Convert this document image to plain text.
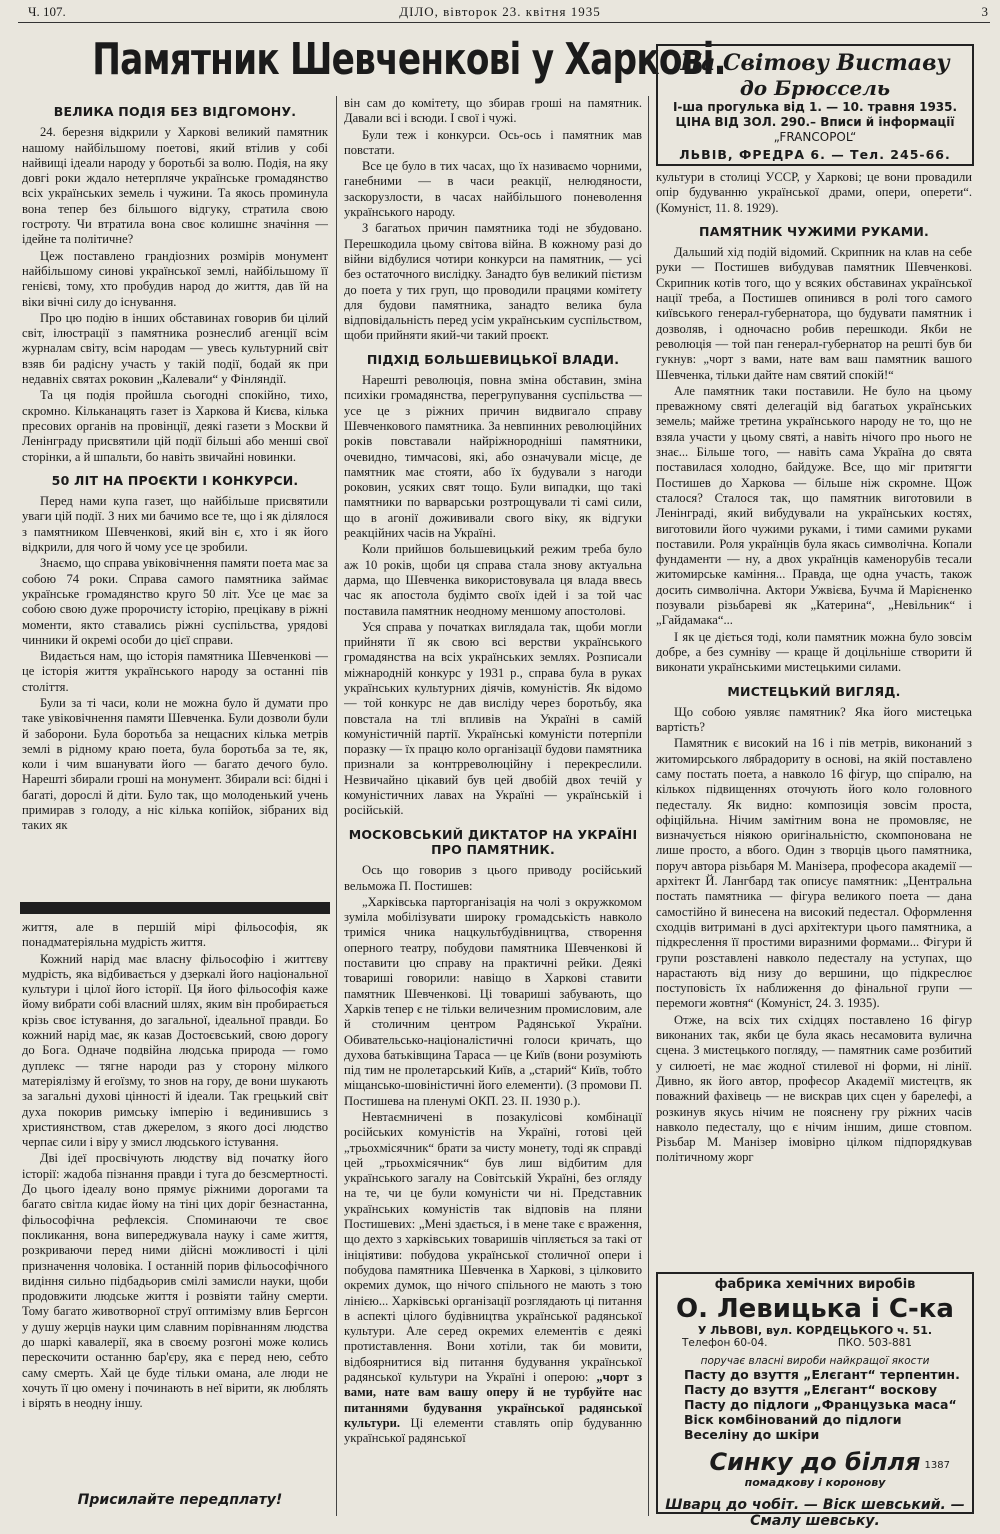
Ч. 107.	ДІЛО, вівторок 23. квітня 1935	3
Памятник Шевченкові у Харкові.
ВЕЛИКА ПОДІЯ БЕЗ ВІДГОМОНУ.

24. березня відкрили у Харкові великий памятник нашому найбільшому поетові, який втілив у собі найвищі ідеали народу у боротьбі за волю. Подія, на яку довгі роки ждало нетерпляче українське громадянство всіх українських земель і чужини. Та якось проминула вона тепер без більшого відгуку, стратила свою гостроту. Чи втратила вона своє колишнє значіння — ідейне та політичне?

Цеж поставлено грандіозних розмірів монумент найбільшому синові української землі, найбільшому її генієві, тому, хто пробудив народ до життя, дав їй на віки вічні силу до існування.

Про цю подію в інших обставинах говорив би цілий світ, ілюстрації з памятника рознеслиб агенції всім журналам світу, всім народам — увесь культурний світ взяв би радісну участь у такій події, бодай як при недавніх святах роковин „Калевали“ у Фінляндії.

Та ця подія пройшла сьогодні спокійно, тихо, скромно. Кільканацять газет із Харкова й Києва, кілька пресових органів на провінції, деякі газети з Москви й Ленінграду присвятили цій події більші або менші свої сторінки, а й шпальти, бо навіть звичайні новинки.

50 ЛІТ НА ПРОЄКТИ І КОНКУРСИ.

Перед нами купа газет, що найбільше присвятили уваги цій події. З них ми бачимо все те, що і як ділялося з памятником Шевченкові, який він є, хто і як його відкрили, для чого й чому усе це зробили.

Знаємо, що справа увіковічнення памяти поета має за собою 74 роки. Справа самого памятника займає українське громадянство круго 50 літ. Усе це має за собою свою дуже пророчисту історію, прецікаву в ріжні моменти, якто ставались ріжні суспільства, урядові чинники й окремі особи до цієї справи.

Видається нам, що історія памятника Шевченкові — це історія життя українського народу за останні пів століття.

Були за ті часи, коли не можна було й думати про таке увіковічнення памяти Шевченка. Були дозволи були й заборони. Була боротьба за нещасних кілька метрів землі в рідному краю поета, була боротьба за те, як, коли і чим вшанувати його — багато дечого було. Нарешті збирали гроші на монумент. Збирали всі: бідні і багаті, дорослі й діти. Було так, що молоденький учень примирав з голоду, а ніс кілька копійок, зібраних від таких як

життя, але в першій мірі фільософія, як понадматеріяльна мудрість життя.

Кожний нарід має власну фільософію і життєву мудрість, яка відбивається у дзеркалі його національної культури і цілої його історії. Ця його фільософія каже йому вибрати собі власний шлях, яким він пробирається крізь своє істування, до загальної, ідеальної правди. Бо кожний нарід має, як казав Достоєвський, свою дорогу до Бога. Одначе подвійна людська природа — гомо дуплекс — тягне народи раз у сторону мілкого матеріялізму й егоїзму, то знов на гору, де вони шукають за загальні духові цінності й ідеали. Так грецький світ духа покорив римську імперію і вединившись з християнством, став джерелом, з якого досі людство черпає сили і віру у змисл людського істування.

Дві ідеї просвічують людству від початку його історії: жадоба пізнання правди і туга до безсмертності. До цього ідеалу воно прямує ріжними дорогами та багато світла кидає йому на тіні цих доріг безнастанна, фільософічна рефлексія. Споминаючи те своє покликання, вона випереджувала науку і саме життя, розкриваючи перед ними дійсні можливості і цілі призначення чоловіка. І останній порив фільософічного видіння сильно підбадьорив смілі замисли науки, щоби продовжити людське життя і розвіяти тайну смерти. Тому багато животворної струї оптимізму влив Бергсон у душу жерців науки цим славним порівнанням людства до шаркі кавалерії, яка в своєму розгоні може колись перескочити останню бар'єру, яка є перед нею, себто саму смерть. Хай це буде тільки омана, але люди не хочуть її цю омену і починають в неї вірити, як люблять і вірять в неодну іншу.

Присилайте передплату!

він сам до комітету, що збирав гроші на памятник. Давали всі і всюди. І свої і чужі.

Були теж і конкурси. Ось-ось і памятник мав повстати.

Все це було в тих часах, що їх називаємо чорними, ганебними — в часи реакції, нелюдяности, заскорузлости, в часах найбільшого поневолення українського народу.

З багатьох причин памятника тоді не збудовано. Перешкодила цьому світова війна. В кожному разі до війни відбулися чотири конкурси на памятник, — усі без остаточного вислідку. Занадто був великий пієтизм до поета у тих груп, що проводили працями комітету для будови памятника, занадто велика була відповідальність перед усім українським суспільством, щоби прийняти який-чи такий проєкт.

ПІДХІД БОЛЬШЕВИЦЬКОЇ ВЛАДИ.

Нарешті революція, повна зміна обставин, зміна психіки громадянства, перегрупування суспільства — усе це з ріжних причин видвигало справу Шевченкового памятника. За невпинних революційних років повставали найріжнородніші памятники, очевидно, тимчасові, які, або означували місце, де памятник має стояти, або їх будували з нагоди роковин, усяких свят тощо. Були випадки, що такі памятники по варварськи розтрощували ті самі сили, що в агонії дожививали свого віку, як відгуки реакційних часів на Україні.

Коли прийшов большевицький режим треба було аж 10 років, щоби ця справа стала знову актуальна дарма, що Шевченка використовувала ця влада ввесь час як апостола будімто своїх ідей і за той час поставила памятник неодному меншому апостолові.

Уся справа у початках виглядала так, щоби могли прийняти її як свою всі верстви українського громадянства на всіх українських землях. Розписали міжнародній конкурс у 1931 р., справа була в руках українських культурних діячів, комуністів. Як відомо — той конкурс не дав висліду через боротьбу, яка повстала на тлі впливів на Україні в самій комуністичній партії. Українські комуністи потерпіли поразку — їх працю коло організації будови памятника признали за контрреволюційну і перекреслили. Незвичайно цікавий був цей двобій двох течій у комуністичних лавах на Україні — українській і російській.

МОСКОВСЬКИЙ ДИКТАТОР НА УКРАЇНІ ПРО ПАМЯТНИК.

Ось що говорив з цього приводу російський вельможа П. Постишев:

„Харківська парторганізація на чолі з окружкомом зуміла мобілізувати широку громадськість навколо триміся чника нацкультбудівництва, створення оперного театру, побудови памятника Шевченкові й поставити цю справу на практичні рейки. Деякі товариші говорили: навіщо в Харкові ставити памятник Шевченкові. Ці товариші забувають, що Харків тепер є не тільки величезним промисловим, але й столичним центром Радянської України. Обивательсько-націоналістичні голоси кричать, що духова батьківщина Тараса — це Київ (вони розуміють під тим не пролетарський Київ, а „старий“ Київ, тобто міщансько-шовіністичні його елементи). (З промови П. Постишева на пленумі ОКП. 23. II. 1930 р.).

Невтаємничені в позакулісові комбінації російських комуністів на Україні, готові цей „трьохмісячник“ брати за чисту монету, тоді як справді цей „трьохмісячник“ був лиш відбитим для українського загалу на Совітській Україні, без огляду на те, чи це були комуністи чи ні. Представник українських комуністів так відповів на пляни Постишевих: „Мені здається, і в мене таке є враження, що дехто з харківських товаришів чіпляється за такі от ініціятиви: побудова української столичної опери і побудова памятника Шевченка в Харкові, з цілковито окремих думок, що нічого спільного не мають з тою лінією... Харківські організації розглядають ці питання в аспекті цілого будівництва української радянської культури. Але серед окремих елементів є деякі протиставлення. Вони хотіли, так би мовити, відбоярнитися від питання будування української радянської культури на Україні і оперою: „чорт з вами, нате вам вашу оперу й не турбуйте нас питаннями будування української радянської культури. Ці елементи ставлять опір будуванню української радянської

На Світову Виставу
до Брюссель
І-ша прогулька від 1. — 10. травня 1935.
ЦІНА ВІД ЗОЛ. 290.– Вписи й інформації
„FRANCOPOL“
ЛЬВІВ, ФРЕДРА 6. — Тел. 245-66.

культури в столиці УССР, у Харкові; це вони провадили опір будуванню української драми, опери, оперети“. (Комуніст, 11. 8. 1929).

ПАМЯТНИК ЧУЖИМИ РУКАМИ.

Дальший хід подій відомий. Скрипник на клав на себе руки — Постишев вибудував памятник Шевченкові. Скрипник котів того, що у всяких обставинах української нації треба, а Постишев опинився в ролі того самого київського генерал-губернатора, що будувати памятник і дозволяв, і одночасно робив перешкоди. Якби не революція — той пан генерал-губернатор на решті був би гукнув: „чорт з вами, нате вам ваш памятник вашого Шевченка, тільки дайте нам святий спокій!“

Але памятник таки поставили. Не було на цьому преважному святі делегацій від багатьох українських земель; майже третина українського народу не то, що не взяла участи у цьому святі, а навіть нічого про нього не знає... Більше того, — навіть сама Україна до свята поставилася холодно, байдуже. Все, що міг притягти Постишев до Харкова — більше ніж скромне. Щож сталося? Сталося так, що памятник виготовили в Ленінграді, який вибудували на українських костях, виготовили його чужими руками, і тими самими руками поставили. Роля українців була якась символічна. Копали фундаменти — ну, а двох українців каменорубів тесали житомирське каміння... Правда, ще одна участь, також досить символічна. Актори Ужвієва, Бучма й Марієненко позували різьбареві як „Катерина“, „Невільник“ і „Гайдамака“...

І як це діється тоді, коли памятник можна було зовсім добре, а без сумніву — краще й доцільніше створити й виконати українськими мистецькими силами.

МИСТЕЦЬКИЙ ВИГЛЯД.

Що собою уявляє памятник? Яка його мистецька вартість?

Памятник є високий на 16 і пів метрів, виконаний з житомирського лябрадориту в основі, на якій поставлено саму постать поета, а навколо 16 фігур, що спіралю, на кількох підвищеннях оточують його коло головного педесталу. Як видно: композиція зовсім проста, офіційльна. Нічим замітним вона не промовляє, не визначується ніякою оригінальністю, скомпонована не лише просто, а вбого. Один з творців цього памятника, поруч автора різьбаря М. Манізера, професора академії — архітект Й. Лангбард так описує памятник: „Центральна постать памятника — фігура великого поета — дана самостійно й винесена на високий педестал. Оформлення сходців витримані в дусі архітектури цього памятника, а підкреслення її простими виразними формами... Фігури й групи розставлені навколо педесталу на уступах, що нарастають від низу до вершини, що підкреслює поступовість їх наближення до фінальної групи — перемоги жовтня“ (Комуніст, 24. 3. 1935).

Отже, на всіх тих східцях поставлено 16 фігур виконаних так, якби це була якась несамовита вулична сцена. З мистецького погляду, — памятник саме розбитий у силюеті, не має жодної стилевої ні форми, ні лінії. Дивно, як його автор, професор Академії мистецтв, як поважний фахівець — не вискрав цих сцен у барелефі, а розкинув якусь нічим не пояснену гру ріжних часів навколо педесталу, що є нічим іншим, дише стовпом. Різьбар М. Манізер імовірно цілком підпорядкував політичному жорг

фабрика хемічних виробів
О. Левицька і С-ка
У ЛЬВОВІ, вул. КОРДЕЦЬКОГО ч. 51.
Телефон 60-04.	ПКО. 503-881
поручає власні вироби найкращої якости
Пасту до взуття „Елєгант“ терпентин.
Пасту до взуття „Елєгант“ воскову
Пасту до підлоги „Французька маса“
Віск комбінований до підлоги
Веселіну до шкіри
Синку до білля 1387
помадкову і коронову
Шварц до чобіт. — Віск шевський. — Смалу шевську.
